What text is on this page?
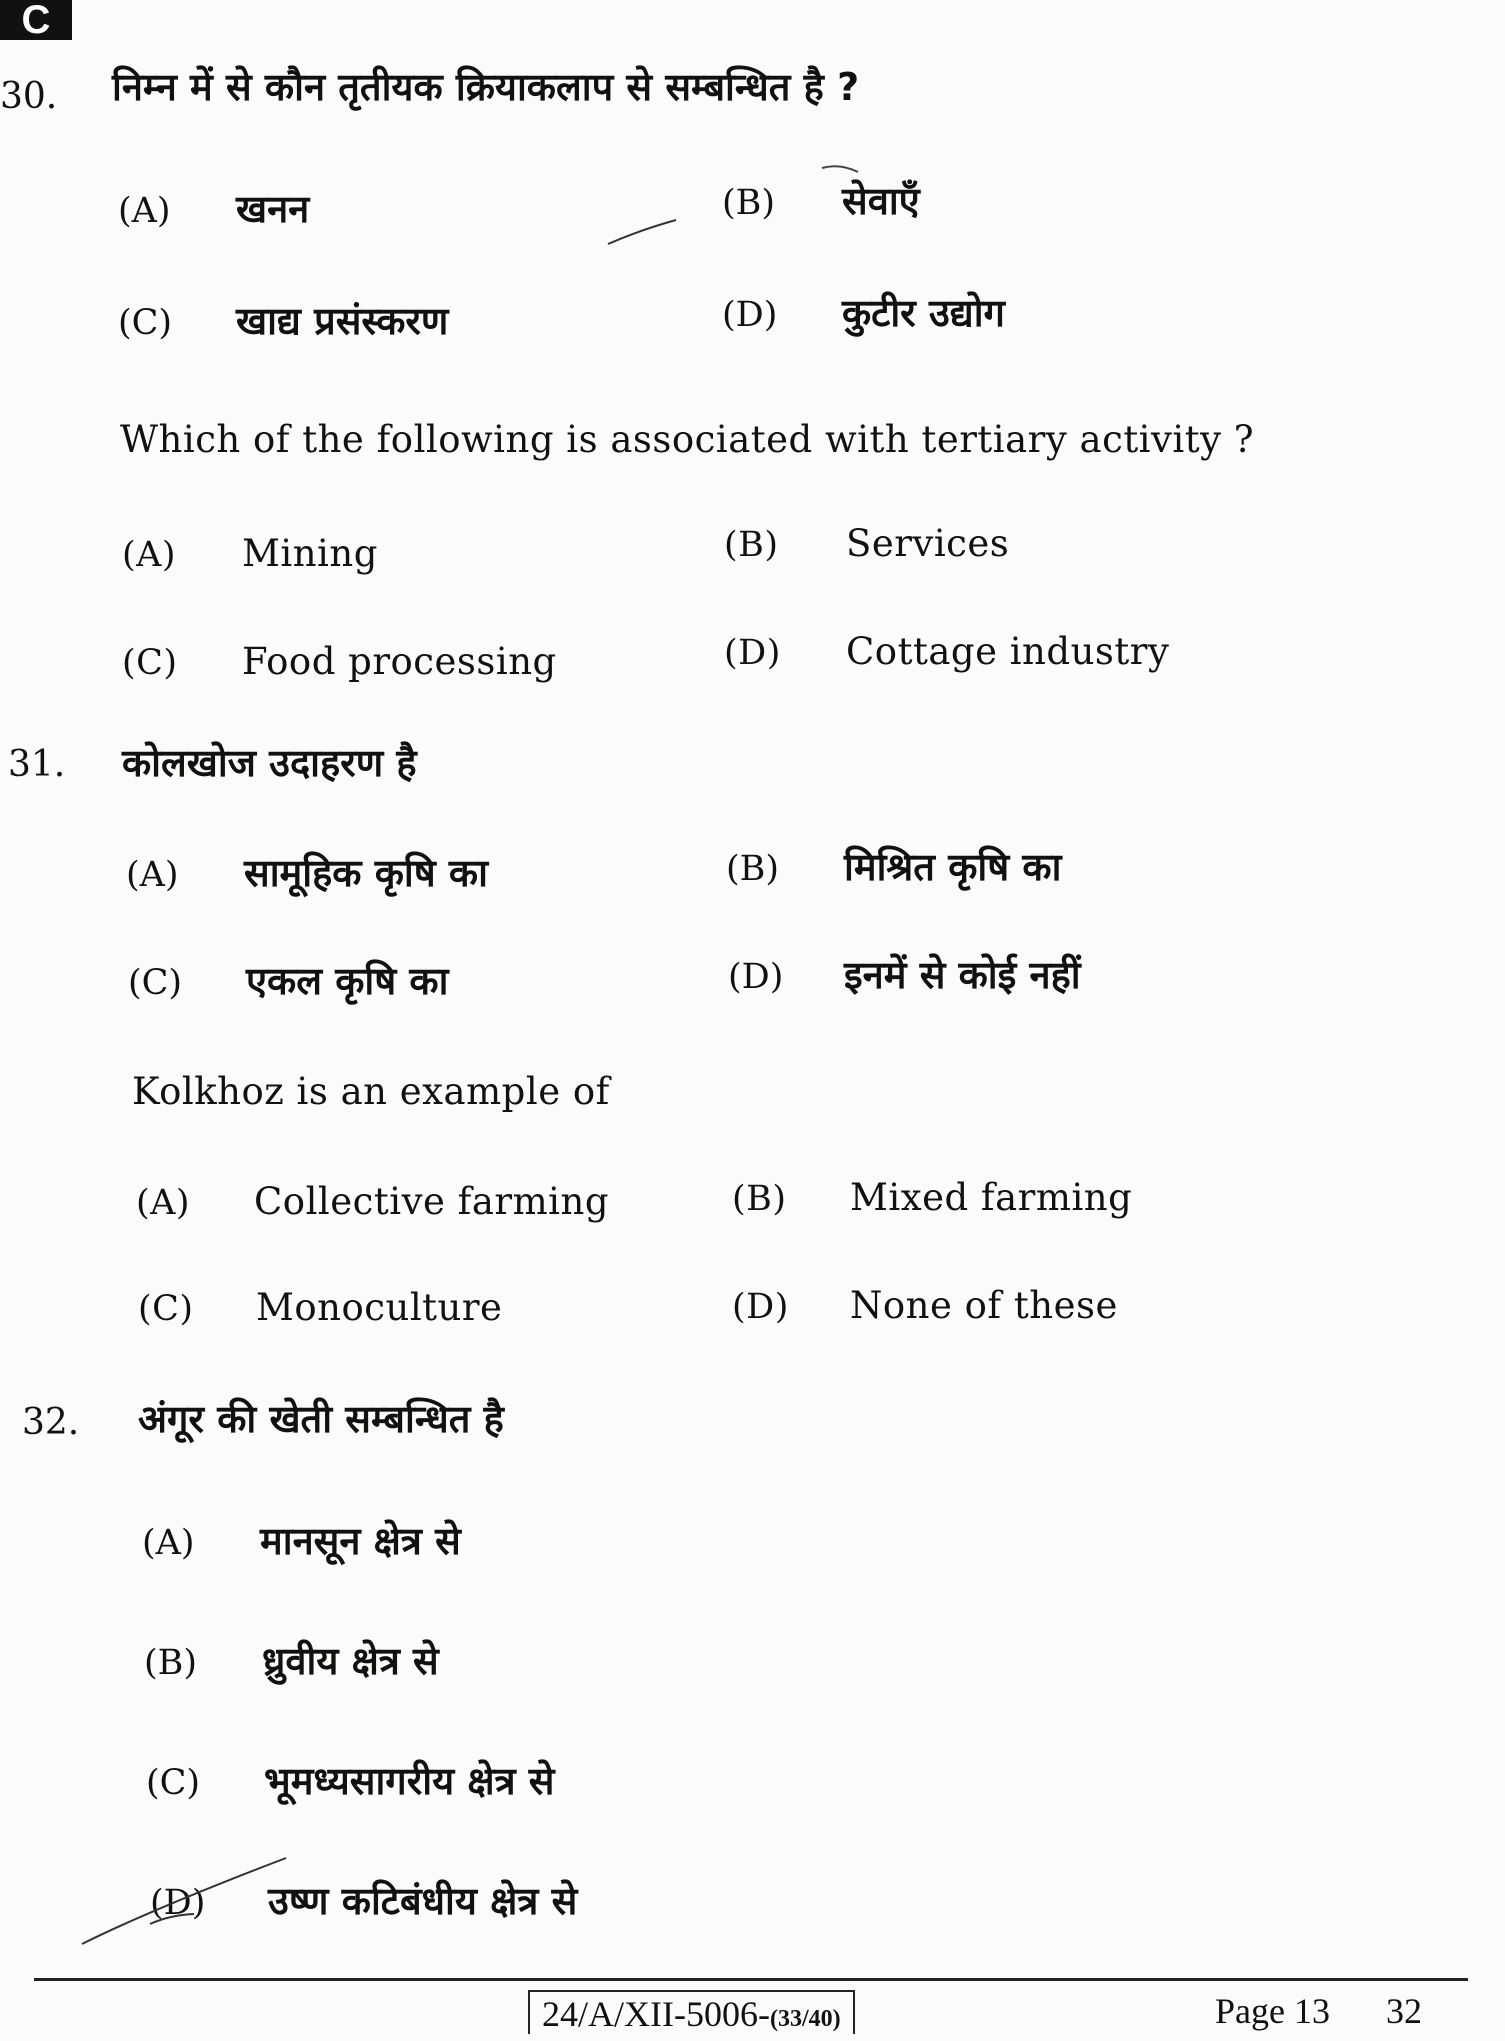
C
30. निम्न में से कौन तृतीयक क्रियाकलाप से सम्बन्धित है ?
(A)	खनन	(B)	सेवाएँ
(C)	खाद्य प्रसंस्करण	(D)	कुटीर उद्योग
Which of the following is associated with tertiary activity ?
(A)	Mining	(B)	Services
(C)	Food processing	(D)	Cottage industry
31. कोलखोज उदाहरण है
(A)	सामूहिक कृषि का	(B)	मिश्रित कृषि का
(C)	एकल कृषि का	(D)	इनमें से कोई नहीं
Kolkhoz is an example of
(A)	Collective farming	(B)	Mixed farming
(C)	Monoculture	(D)	None of these
32. अंगूर की खेती सम्बन्धित है
(A)	मानसून क्षेत्र से
(B)	ध्रुवीय क्षेत्र से
(C)	भूमध्यसागरीय क्षेत्र से
(D)	उष्ण कटिबंधीय क्षेत्र से
24/A/XII-5006-(33/40)	Page 13 32
